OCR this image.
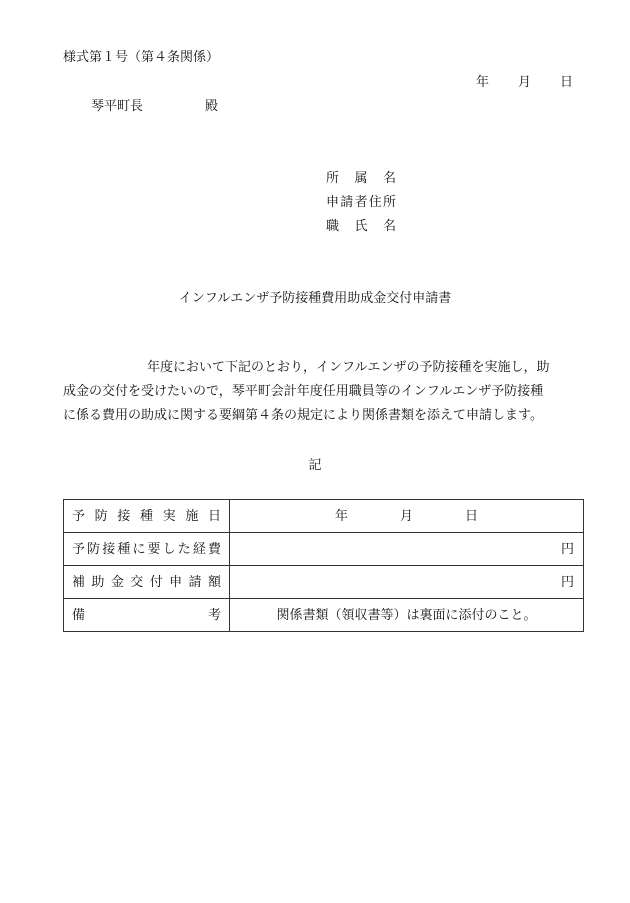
様式第１号（第４条関係）
年 月 日
琴平町長	殿
所属名
申請者住所
職氏名
インフルエンザ予防接種費用助成金交付申請書

年度において下記のとおり，インフルエンザの予防接種を実施し，助

成金の交付を受けたいので，琴平町会計年度任用職員等のインフルエンザ予防接種

に係る費用の助成に関する要綱第４条の規定により関係書類を添えて申請します。

記
予防接種実施日	年 月 日

予防接種に要した経費	円

補助金交付申請額	円

備考	関係書類（領収書等）は裏面に添付のこと。
